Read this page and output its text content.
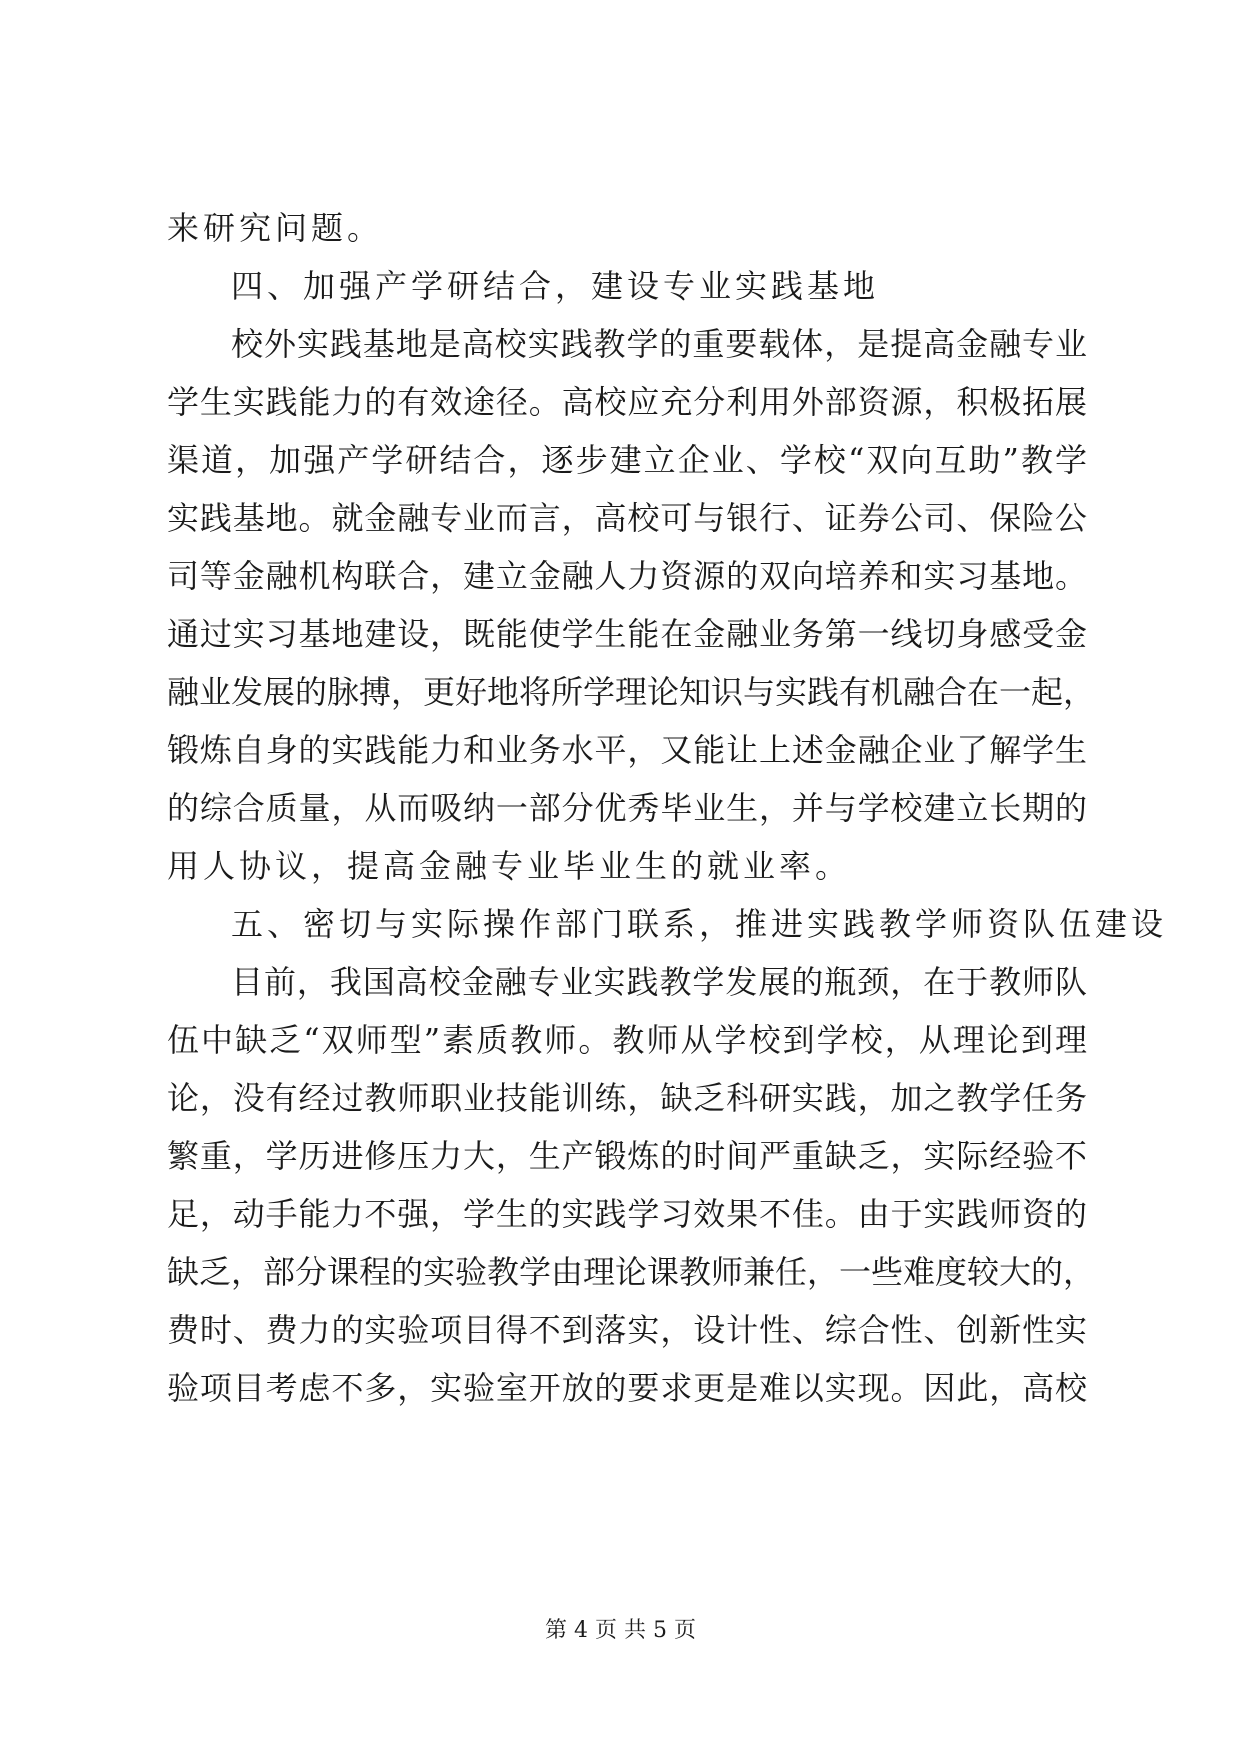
来研究问题。
四、加强产学研结合，建设专业实践基地
校外实践基地是高校实践教学的重要载体，是提高金融专业
学生实践能力的有效途径。高校应充分利用外部资源，积极拓展
渠道，加强产学研结合，逐步建立企业、学校“双向互助”教学
实践基地。就金融专业而言，高校可与银行、证券公司、保险公
司等金融机构联合，建立金融人力资源的双向培养和实习基地。
通过实习基地建设，既能使学生能在金融业务第一线切身感受金
融业发展的脉搏，更好地将所学理论知识与实践有机融合在一起，
锻炼自身的实践能力和业务水平，又能让上述金融企业了解学生
的综合质量，从而吸纳一部分优秀毕业生，并与学校建立长期的
用人协议，提高金融专业毕业生的就业率。
五、密切与实际操作部门联系，推进实践教学师资队伍建设
目前，我国高校金融专业实践教学发展的瓶颈，在于教师队
伍中缺乏“双师型”素质教师。教师从学校到学校，从理论到理
论，没有经过教师职业技能训练，缺乏科研实践，加之教学任务
繁重，学历进修压力大，生产锻炼的时间严重缺乏，实际经验不
足，动手能力不强，学生的实践学习效果不佳。由于实践师资的
缺乏，部分课程的实验教学由理论课教师兼任，一些难度较大的，
费时、费力的实验项目得不到落实，设计性、综合性、创新性实
验项目考虑不多，实验室开放的要求更是难以实现。因此，高校
第 4 页 共 5 页
